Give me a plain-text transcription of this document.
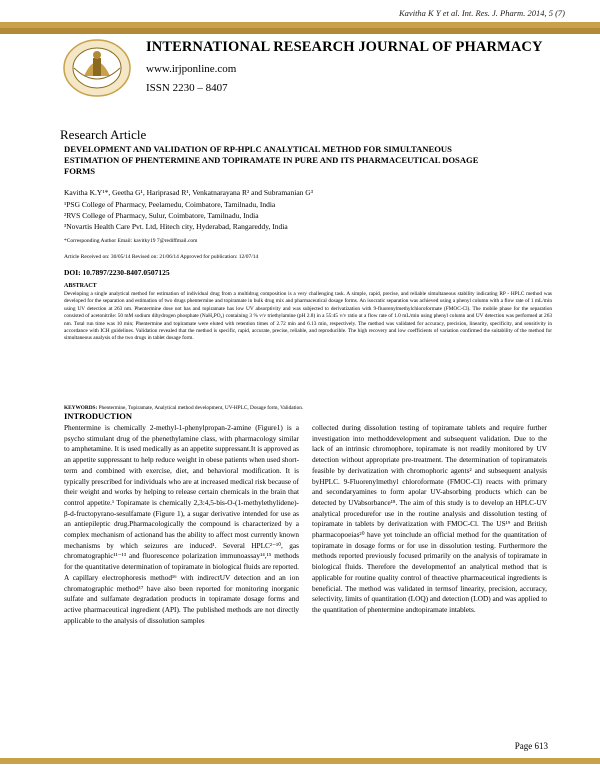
Kavitha K Y et al. Int. Res. J. Pharm. 2014, 5 (7)
INTERNATIONAL RESEARCH JOURNAL OF PHARMACY
www.irjponline.com
ISSN 2230 – 8407
Research Article
DEVELOPMENT AND VALIDATION OF RP-HPLC ANALYTICAL METHOD FOR SIMULTANEOUS ESTIMATION OF PHENTERMINE AND TOPIRAMATE IN PURE AND ITS PHARMACEUTICAL DOSAGE FORMS
Kavitha K.Y¹*, Geetha G¹, Hariprasad R¹, Venkatnarayana R² and Subramanian G³
¹PSG College of Pharmacy, Peelamedu, Coimbatore, Tamilnadu, India
²RVS College of Pharmacy, Sulur, Coimbatore, Tamilnadu, India
³Novartis Health Care Pvt. Ltd, Hitech city, Hyderabad, Rangareddy, India
*Corresponding Author Email: kavitky19 7@rediffmail.com
Article Received on: 30/05/14 Revised on: 21/06/14 Approved for publication: 12/07/14
DOI: 10.7897/2230-8407.0507125
ABSTRACT
Developing a single analytical method for estimation of individual drug from a multidrug composition is a very challenging task. A simple, rapid, precise, and reliable simultaneous stability indicating RP - HPLC method was developed for the separation and estimation of two drugs phentermine and topiramate in bulk drug mix and pharmaceutical dosage forms. An isocratic separation was achieved using a phenyl column with a flow rate of 1 mL/min using UV detection at 263 nm. Phentermine dose not has and topiramate has low UV absorptivity and was subjected to derivatization with 9-fluorenylmethylchloroformate (FMOC-Cl). The mobile phase for the separation consisted of acetonitrile: 50 mM sodium dihydrogen phosphate (NaH₂PO₄) containing 3 % v/v triethylamine (pH 2.8) in a 55:45 v/v ratio at a flow rate of 1.0 mL/min using phenyl column and UV detection was performed at 263 nm. Total run time was 10 min; Phentermine and topiramate were eluted with retention times of 2.72 min and 6.13 min, respectively. The method was validated for accuracy, precision, linearity, specificity, and sensitivity in accordance with ICH guidelines. Validation revealed that the method is specific, rapid, accurate, precise, reliable, and reproducible. The high recovery and low coefficients of variation confirmed the suitability of the method for simultaneous analysis of the two drugs in tablet dosage form.
KEYWORDS: Phentermine, Topiramate, Analytical method development, UV-HPLC, Dosage form, Validation.
INTRODUCTION
Phentermine is chemically 2-methyl-1-phenylpropan-2-amine (Figure1) is a psycho stimulant drug of the phenethylamine class, with pharmacology similar to amphetamine. It is used medically as an appetite suppressant.It is approved as an appetite suppressant to help reduce weight in obese patients when used short-term and combined with exercise, diet, and behavioral modification. It is typically prescribed for individuals who are at increased medical risk because of their weight and works by helping to release certain chemicals in the brain that control appetite.¹ Topiramate is chemically 2,3:4,5-bis-O-(1-methylethylidene)-β-d-fructopyrano-sesulfamate (Figure 1), a sugar derivative intended for use as an antiepileptic drug.Pharmacologically the compound is characterized by a complex mechanism of actionand has the ability to affect most currently known mechanisms by which seizures are induced¹. Several HPLC²⁻¹⁰, gas chromatographic¹¹⁻¹³ and fluorescence polarization immunoassay¹⁴,¹⁵ methods for the quantitative determination of topiramate in biological fluids are reported. A capillary electrophoresis method¹⁶ with indirectUV detection and an ion chromatographic method¹⁷ have also been reported for monitoring inorganic sulfate and sulfamate degradation products in topiramate dosage forms and active pharmaceutical ingredient (API). The published methods are not directly applicable to the analysis of dissolution samples
collected during dissolution testing of topiramate tablets and require further investigation into methoddevelopment and subsequent validation. Due to the lack of an intrinsic chromophore, topiramate is not readily monitored by UV detection without appropriate pre-treatment. The determination of topiramateis feasible by derivatization with chromophoric agents² and subsequent analysis byHPLC. 9-Fluorenylmethyl chloroformate (FMOC-Cl) reacts with primary and secondaryamines to form apolar UV-absorbing products which can be detected by UVabsorbance¹⁸. The aim of this study is to develop an HPLC-UV analytical procedurefor use in the routine analysis and dissolution testing of topiramate in tablets by derivatization with FMOC-Cl. The US¹⁹ and British pharmacopoeias²⁰ have yet toinclude an official method for the quantitation of topiramate in dosage forms or for use in dissolution testing. Furthermore the methods reported previously focused primarily on the analysis of topiramate in biological fluids. Therefore the developmentof an analytical method that is applicable for routine quality control of theactive pharmaceutical ingredients is beneficial. The method was validated in termsof linearity, precision, accuracy, selectivity, limits of quantitation (LOQ) and detection (LOD) and was applied to the quantitation of phentermine andtopiramate intablets.
Page 613
